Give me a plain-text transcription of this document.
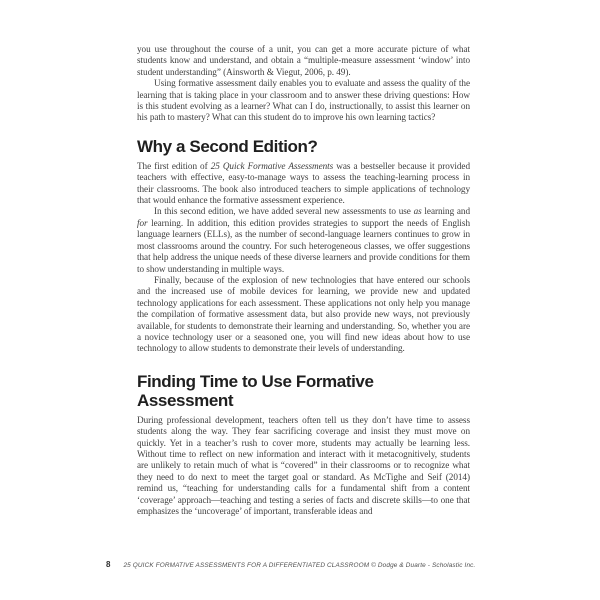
you use throughout the course of a unit, you can get a more accurate picture of what students know and understand, and obtain a “multiple-measure assessment ‘window’ into student understanding” (Ainsworth & Viegut, 2006, p. 49).

Using formative assessment daily enables you to evaluate and assess the quality of the learning that is taking place in your classroom and to answer these driving questions: How is this student evolving as a learner? What can I do, instructionally, to assist this learner on his path to mastery? What can this student do to improve his own learning tactics?

Why a Second Edition?

The first edition of 25 Quick Formative Assessments was a bestseller because it provided teachers with effective, easy-to-manage ways to assess the teaching-learning process in their classrooms. The book also introduced teachers to simple applications of technology that would enhance the formative assessment experience.

In this second edition, we have added several new assessments to use as learning and for learning. In addition, this edition provides strategies to support the needs of English language learners (ELLs), as the number of second-language learners continues to grow in most classrooms around the country. For such heterogeneous classes, we offer suggestions that help address the unique needs of these diverse learners and provide conditions for them to show understanding in multiple ways.

Finally, because of the explosion of new technologies that have entered our schools and the increased use of mobile devices for learning, we provide new and updated technology applications for each assessment. These applications not only help you manage the compilation of formative assessment data, but also provide new ways, not previously available, for students to demonstrate their learning and understanding. So, whether you are a novice technology user or a seasoned one, you will find new ideas about how to use technology to allow students to demonstrate their levels of understanding.

Finding Time to Use Formative Assessment

During professional development, teachers often tell us they don’t have time to assess students along the way. They fear sacrificing coverage and insist they must move on quickly. Yet in a teacher’s rush to cover more, students may actually be learning less. Without time to reflect on new information and interact with it metacognitively, students are unlikely to retain much of what is “covered” in their classrooms or to recognize what they need to do next to meet the target goal or standard. As McTighe and Seif (2014) remind us, “teaching for understanding calls for a fundamental shift from a content ‘coverage’ approach—teaching and testing a series of facts and discrete skills—to one that emphasizes the ‘uncoverage’ of important, transferable ideas and

8 25 QUICK FORMATIVE ASSESSMENTS FOR A DIFFERENTIATED CLASSROOM © Dodge & Duarte - Scholastic Inc.
